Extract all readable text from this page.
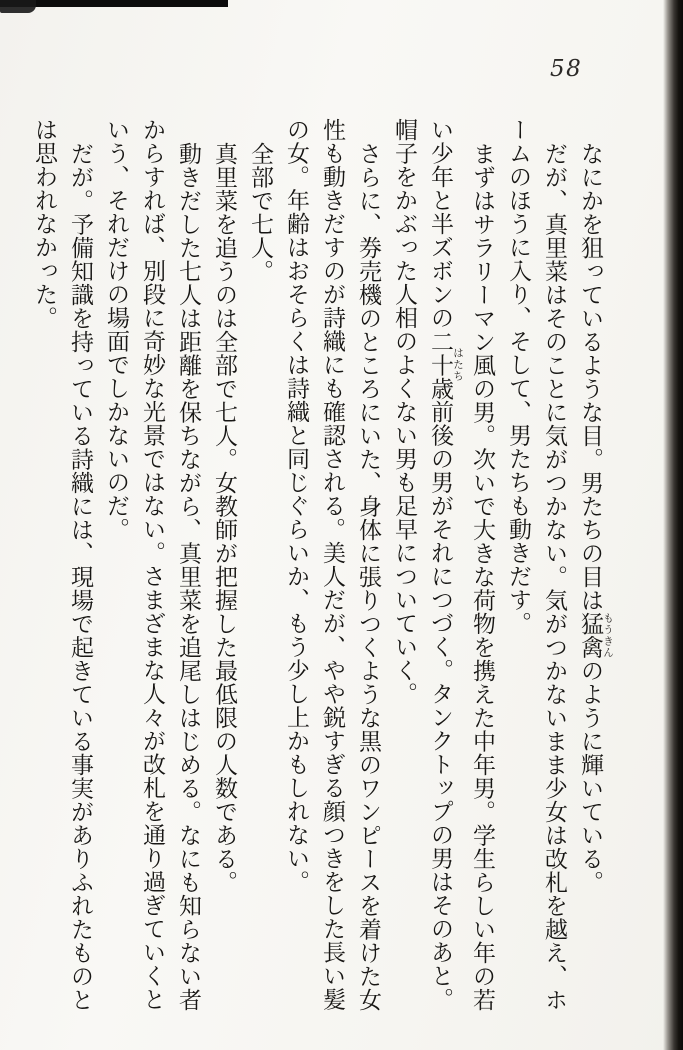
58
なにかを狙っているような目。男たちの目は猛禽 もうきんのように輝いている。
だが、真里菜はそのことに気がつかない。気がつかないまま少女は改札を越え、ホ
ームのほうに入り、そして、男たちも動きだす。
まずはサラリーマン風の男。次いで大きな荷物を携えた中年男。学生らしい年の若
い少年と半ズボンの二十歳 はたち前後の男がそれにつづく。タンクトップの男はそのあと。
帽子をかぶった人相のよくない男も足早についていく。
さらに、券売機のところにいた、身体に張りつくような黒のワンピースを着けた女
性も動きだすのが詩織にも確認される。美人だが、やや鋭すぎる顔つきをした長い髪
の女。年齢はおそらくは詩織と同じぐらいか、もう少し上かもしれない。
全部で七人。
真里菜を追うのは全部で七人。女教師が把握した最低限の人数である。
動きだした七人は距離を保ちながら、真里菜を追尾しはじめる。なにも知らない者
からすれば、別段に奇妙な光景ではない。さまざまな人々が改札を通り過ぎていくと
いう、それだけの場面でしかないのだ。
だが。予備知識を持っている詩織には、現場で起きている事実がありふれたものと
は思われなかった。
